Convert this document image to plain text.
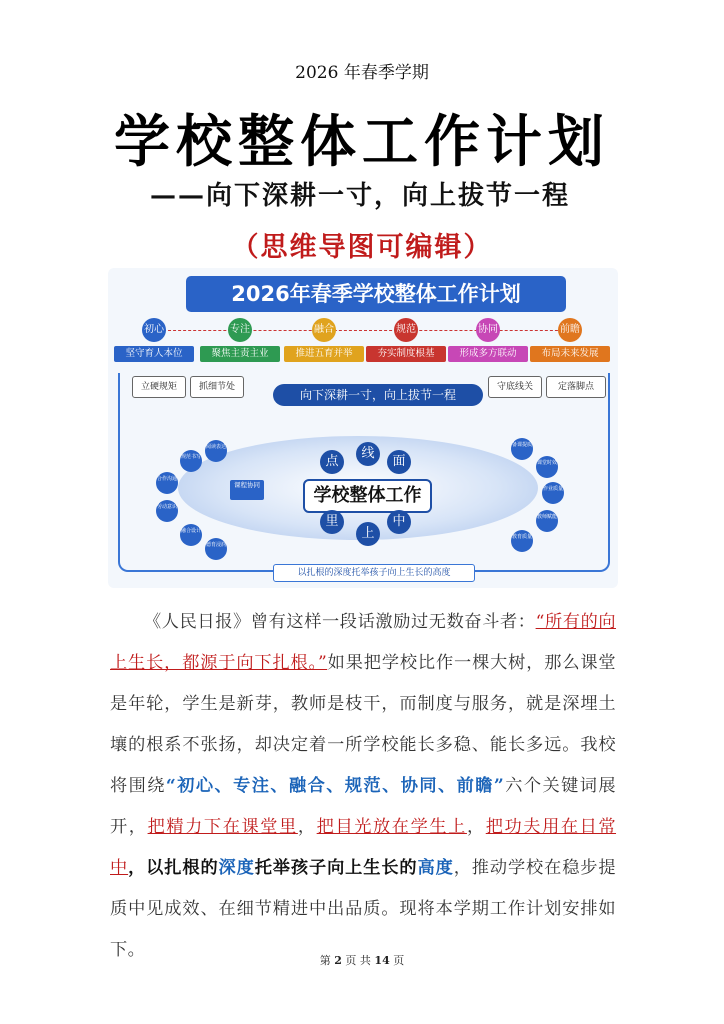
2026 年春季学期
学校整体工作计划
——向下深耕一寸，向上拔节一程
（思维导图可编辑）
2026年春季学校整体工作计划
初心
坚守育人本位
专注
聚焦主责主业
融合
推进五育并举
规范
夯实制度根基
协同
形成多方联动
前瞻
布局未来发展
立硬规矩	抓细节处	守底线关	定落脚点
向下深耕一寸，向上拔节一程
学校整体工作
点
线
面
里
上
中
课程协同
阅读表达
规范书写
合作沟通
劳动意识
融合设计
德育浸润
备课提质
课堂时效
作业质量
教师赋能
教育质量
以扎根的深度托举孩子向上生长的高度
《人民日报》曾有这样一段话激励过无数奋斗者：“所有的向上生长，都源于向下扎根。”如果把学校比作一棵大树，那么课堂是年轮，学生是新芽，教师是枝干，而制度与服务，就是深埋土壤的根系不张扬，却决定着一所学校能长多稳、能长多远。我校将围绕“初心、专注、融合、规范、协同、前瞻”六个关键词展开，把精力下在课堂里，把目光放在学生上，把功夫用在日常中，以扎根的深度托举孩子向上生长的高度，推动学校在稳步提质中见成效、在细节精进中出品质。现将本学期工作计划安排如下。
第 2 页 共 14 页
